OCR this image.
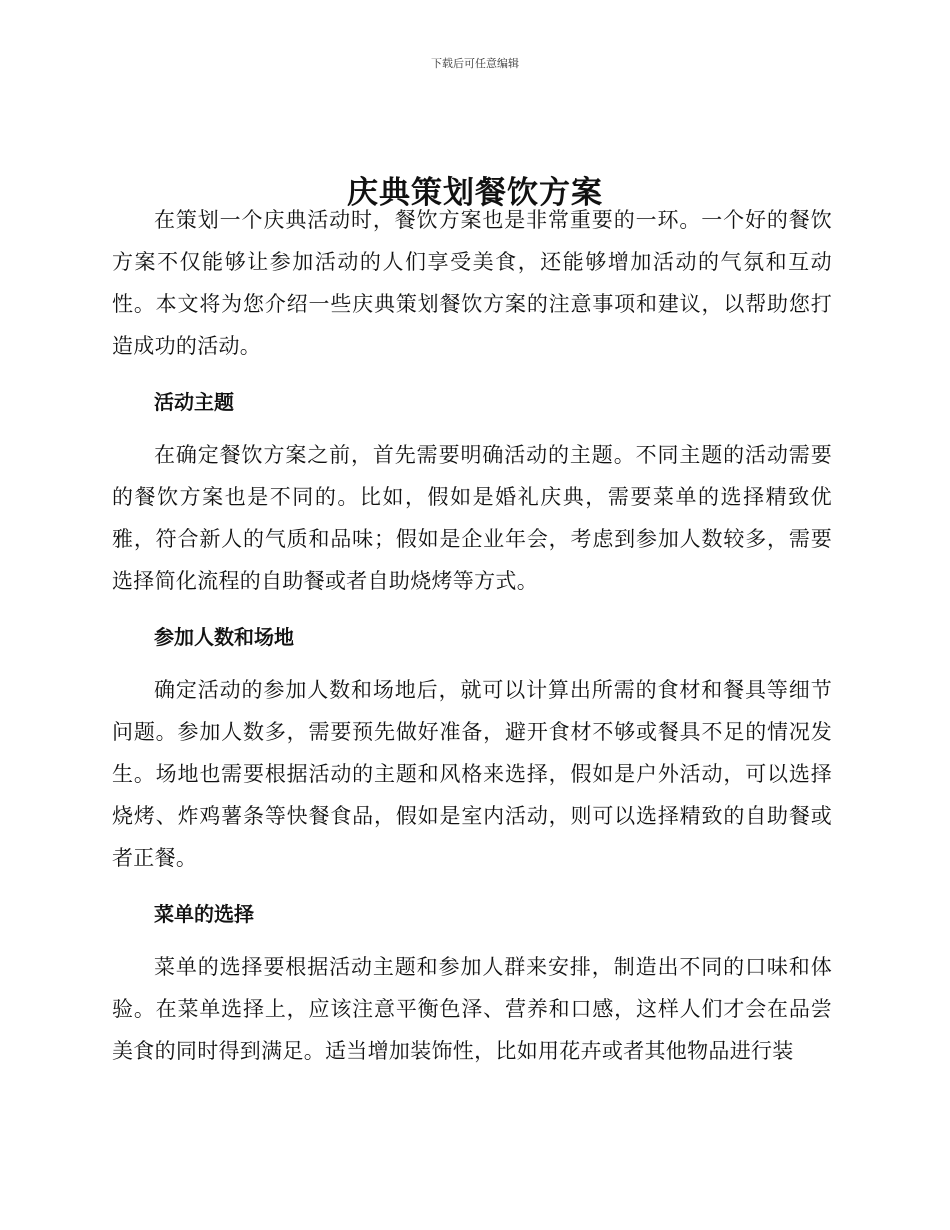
下载后可任意编辑
庆典策划餐饮方案

在策划一个庆典活动时，餐饮方案也是非常重要的一环。一个好的餐饮方案不仅能够让参加活动的人们享受美食，还能够增加活动的气氛和互动性。本文将为您介绍一些庆典策划餐饮方案的注意事项和建议，以帮助您打造成功的活动。

活动主题

在确定餐饮方案之前，首先需要明确活动的主题。不同主题的活动需要的餐饮方案也是不同的。比如，假如是婚礼庆典，需要菜单的选择精致优雅，符合新人的气质和品味；假如是企业年会，考虑到参加人数较多，需要选择简化流程的自助餐或者自助烧烤等方式。

参加人数和场地

确定活动的参加人数和场地后，就可以计算出所需的食材和餐具等细节问题。参加人数多，需要预先做好准备，避开食材不够或餐具不足的情况发生。场地也需要根据活动的主题和风格来选择，假如是户外活动，可以选择烧烤、炸鸡薯条等快餐食品，假如是室内活动，则可以选择精致的自助餐或者正餐。

菜单的选择

菜单的选择要根据活动主题和参加人群来安排，制造出不同的口味和体验。在菜单选择上，应该注意平衡色泽、营养和口感，这样人们才会在品尝美食的同时得到满足。适当增加装饰性，比如用花卉或者其他物品进行装
